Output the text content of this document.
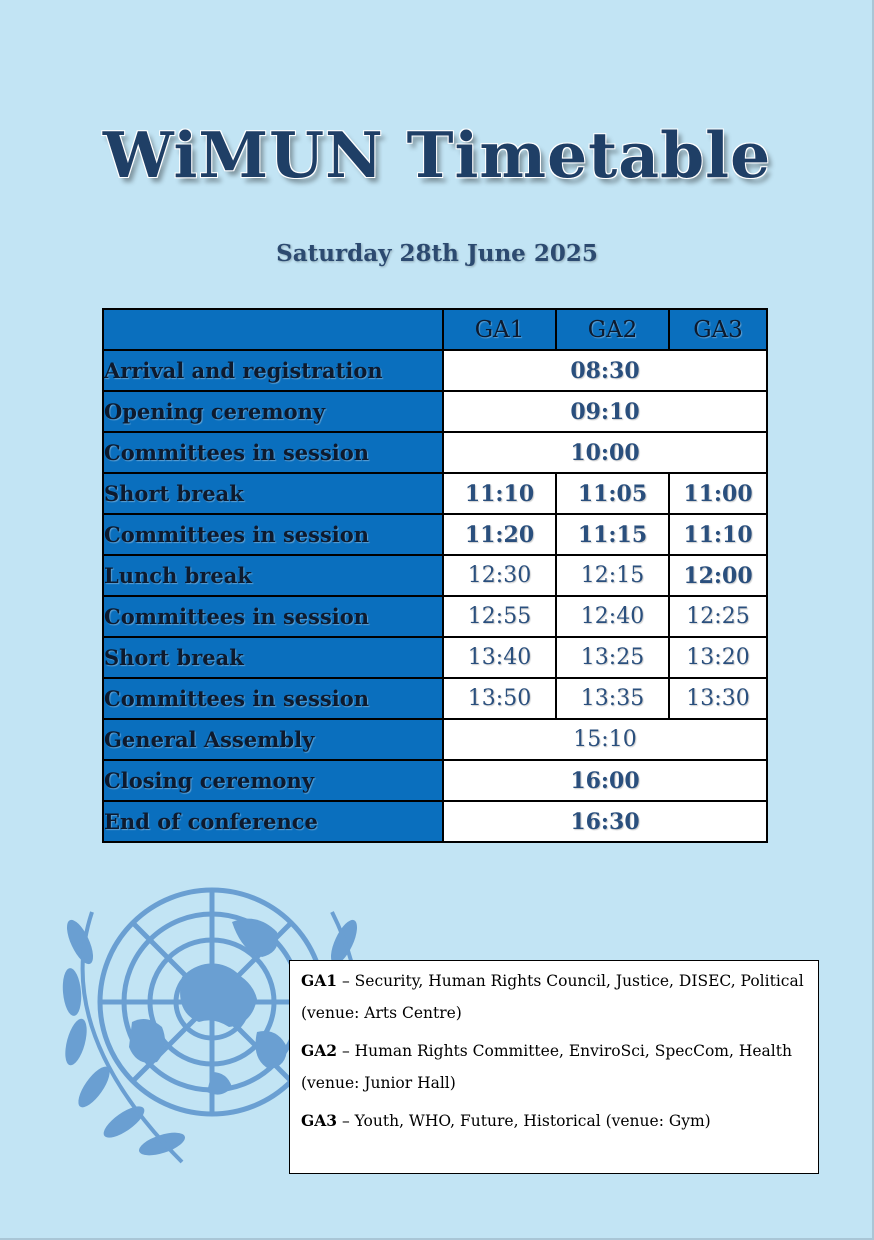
WiMUN Timetable
Saturday 28th June 2025
	GA1	GA2	GA3
Arrival and registration	08:30		
Opening ceremony	09:10		
Committees in session	10:00		
Short break	11:10	11:05	11:00
Committees in session	11:20	11:15	11:10
Lunch break	12:30	12:15	12:00
Committees in session	12:55	12:40	12:25
Short break	13:40	13:25	13:20
Committees in session	13:50	13:35	13:30
General Assembly	15:10		
Closing ceremony	16:00		
End of conference	16:30		

GA1 – Security, Human Rights Council, Justice, DISEC, Political (venue: Arts Centre)

GA2 – Human Rights Committee, EnviroSci, SpecCom, Health (venue: Junior Hall)

GA3 – Youth, WHO, Future, Historical (venue: Gym)
